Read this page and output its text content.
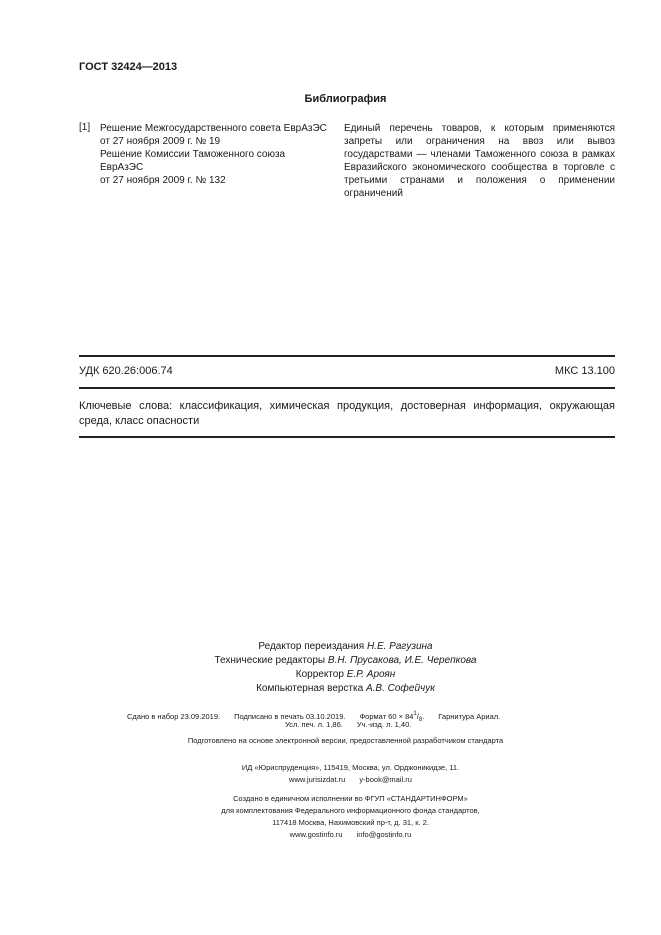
ГОСТ 32424—2013
Библиография
[1] Решение Межгосударственного совета ЕврАзЭС
от 27 ноября 2009 г. № 19
Решение Комиссии Таможенного союза ЕврАзЭС
от 27 ноября 2009 г. № 132
Единый перечень товаров, к которым применяются запреты или ограничения на ввоз или вывоз государствами — членами Таможенного союза в рамках Евразийского экономического сообщества в торговле с третьими странами и положения о применении ограничений
УДК 620.26:006.74	МКС 13.100
Ключевые слова: классификация, химическая продукция, достоверная информация, окружающая среда, класс опасности
Редактор переиздания Н.Е. Рагузина
Технические редакторы В.Н. Прусакова, И.Е. Черепкова
Корректор Е.Р. Ароян
Компьютерная верстка А.В. Софейчук
Сдано в набор 23.09.2019. Подписано в печать 03.10.2019. Формат $60 \times 84^1/_8$. Гарнитура Ариал.
Усл. печ. л. 1,86. Уч.-изд. л. 1,40.
Подготовлено на основе электронной версии, предоставленной разработчиком стандарта
ИД «Юриспруденция», 115419, Москва, ул. Орджоникидзе, 11.
www.jurisizdat.ru y-book@mail.ru
Создано в единичном исполнении во ФГУП «СТАНДАРТИНФОРМ»
для комплектования Федерального информационного фонда стандартов,
117418 Москва, Нахимовский пр-т, д. 31, к. 2.
www.gostinfo.ru info@gostinfo.ru
